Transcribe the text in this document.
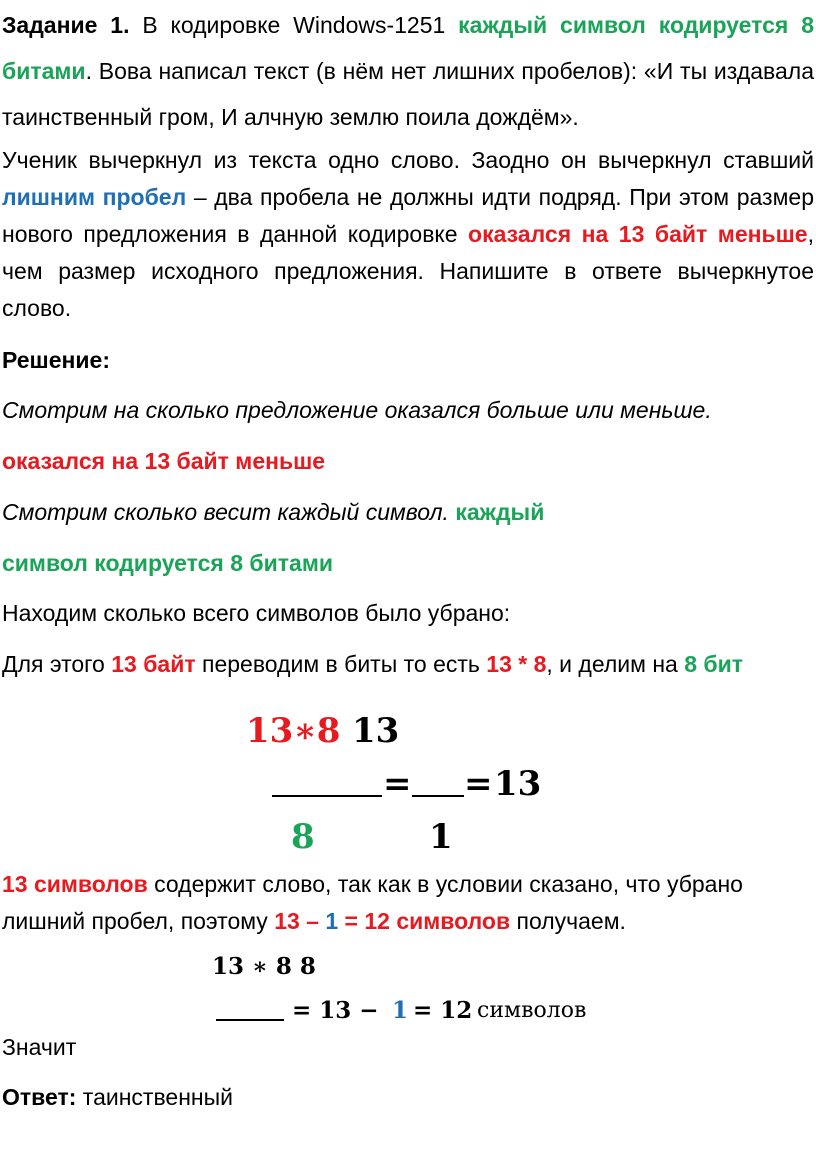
Задание 1. В кодировке Windows-1251 каждый символ кодируется 8 битами. Вова написал текст (в нём нет лишних пробелов): «И ты издавала таинственный гром, И алчную землю поила дождём».

Ученик вычеркнул из текста одно слово. Заодно он вычеркнул ставший лишним пробел – два пробела не должны идти подряд. При этом размер нового предложения в данной кодировке оказался на 13 байт меньше, чем размер исходного предложения. Напишите в ответе вычеркнутое слово.

Решение:

Смотрим на сколько предложение оказался больше или меньше.

оказался на 13 байт меньше

Смотрим сколько весит каждый символ. каждый

символ кодируется 8 битами

Находим сколько всего символов было убрано:

Для этого 13 байт переводим в биты то есть 13 * 8, и делим на 8 бит

13∗8 13
= = 13
8	1

13 символов содержит слово, так как в условии сказано, что убрано лишний пробел, поэтому 13 – 1 = 12 символов получаем.

13 ∗ 8 8
= 13 − 1
= 12
символов

Значит

Ответ: таинственный
